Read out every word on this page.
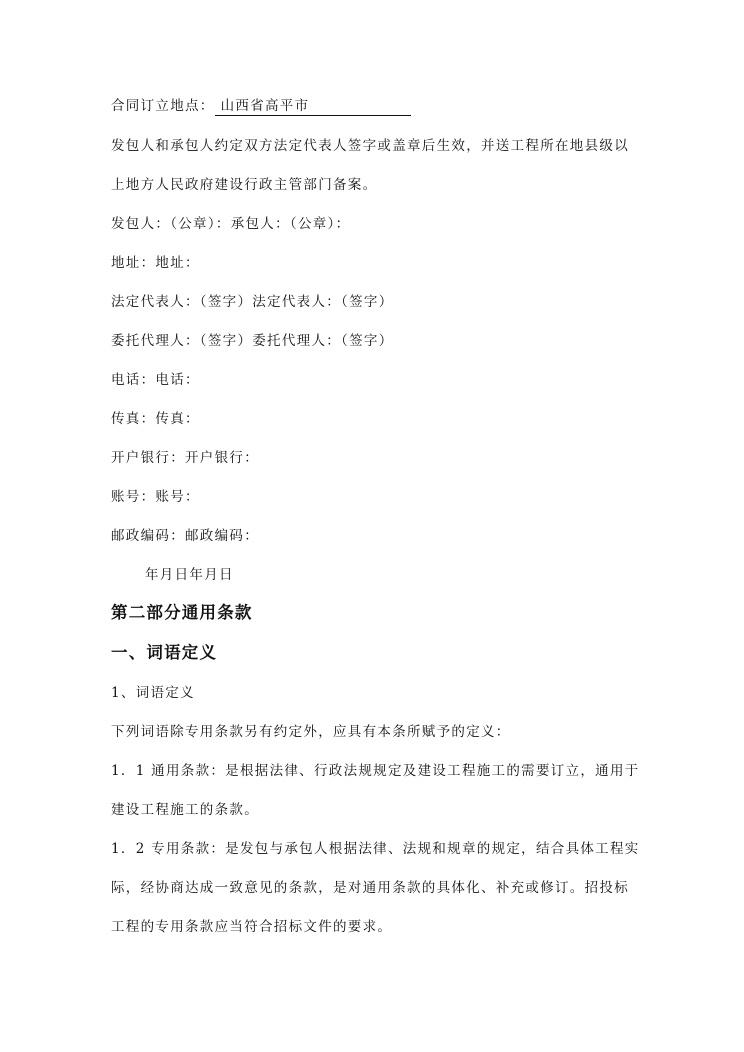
合同订立地点： 山西省高平市
发包人和承包人约定双方法定代表人签字或盖章后生效，并送工程所在地县级以
上地方人民政府建设行政主管部门备案。
发包人：（公章）：承包人：（公章）：
地址：地址：
法定代表人：（签字）法定代表人：（签字）
委托代理人：（签字）委托代理人：（签字）
电话：电话：
传真：传真：
开户银行：开户银行：
账号：账号：
邮政编码：邮政编码：
年月日年月日
第二部分通用条款
一、词语定义
1、词语定义
下列词语除专用条款另有约定外，应具有本条所赋予的定义：
1．1 通用条款：是根据法律、行政法规规定及建设工程施工的需要订立，通用于
建设工程施工的条款。
1．2 专用条款：是发包与承包人根据法律、法规和规章的规定，结合具体工程实
际，经协商达成一致意见的条款，是对通用条款的具体化、补充或修订。招投标
工程的专用条款应当符合招标文件的要求。
